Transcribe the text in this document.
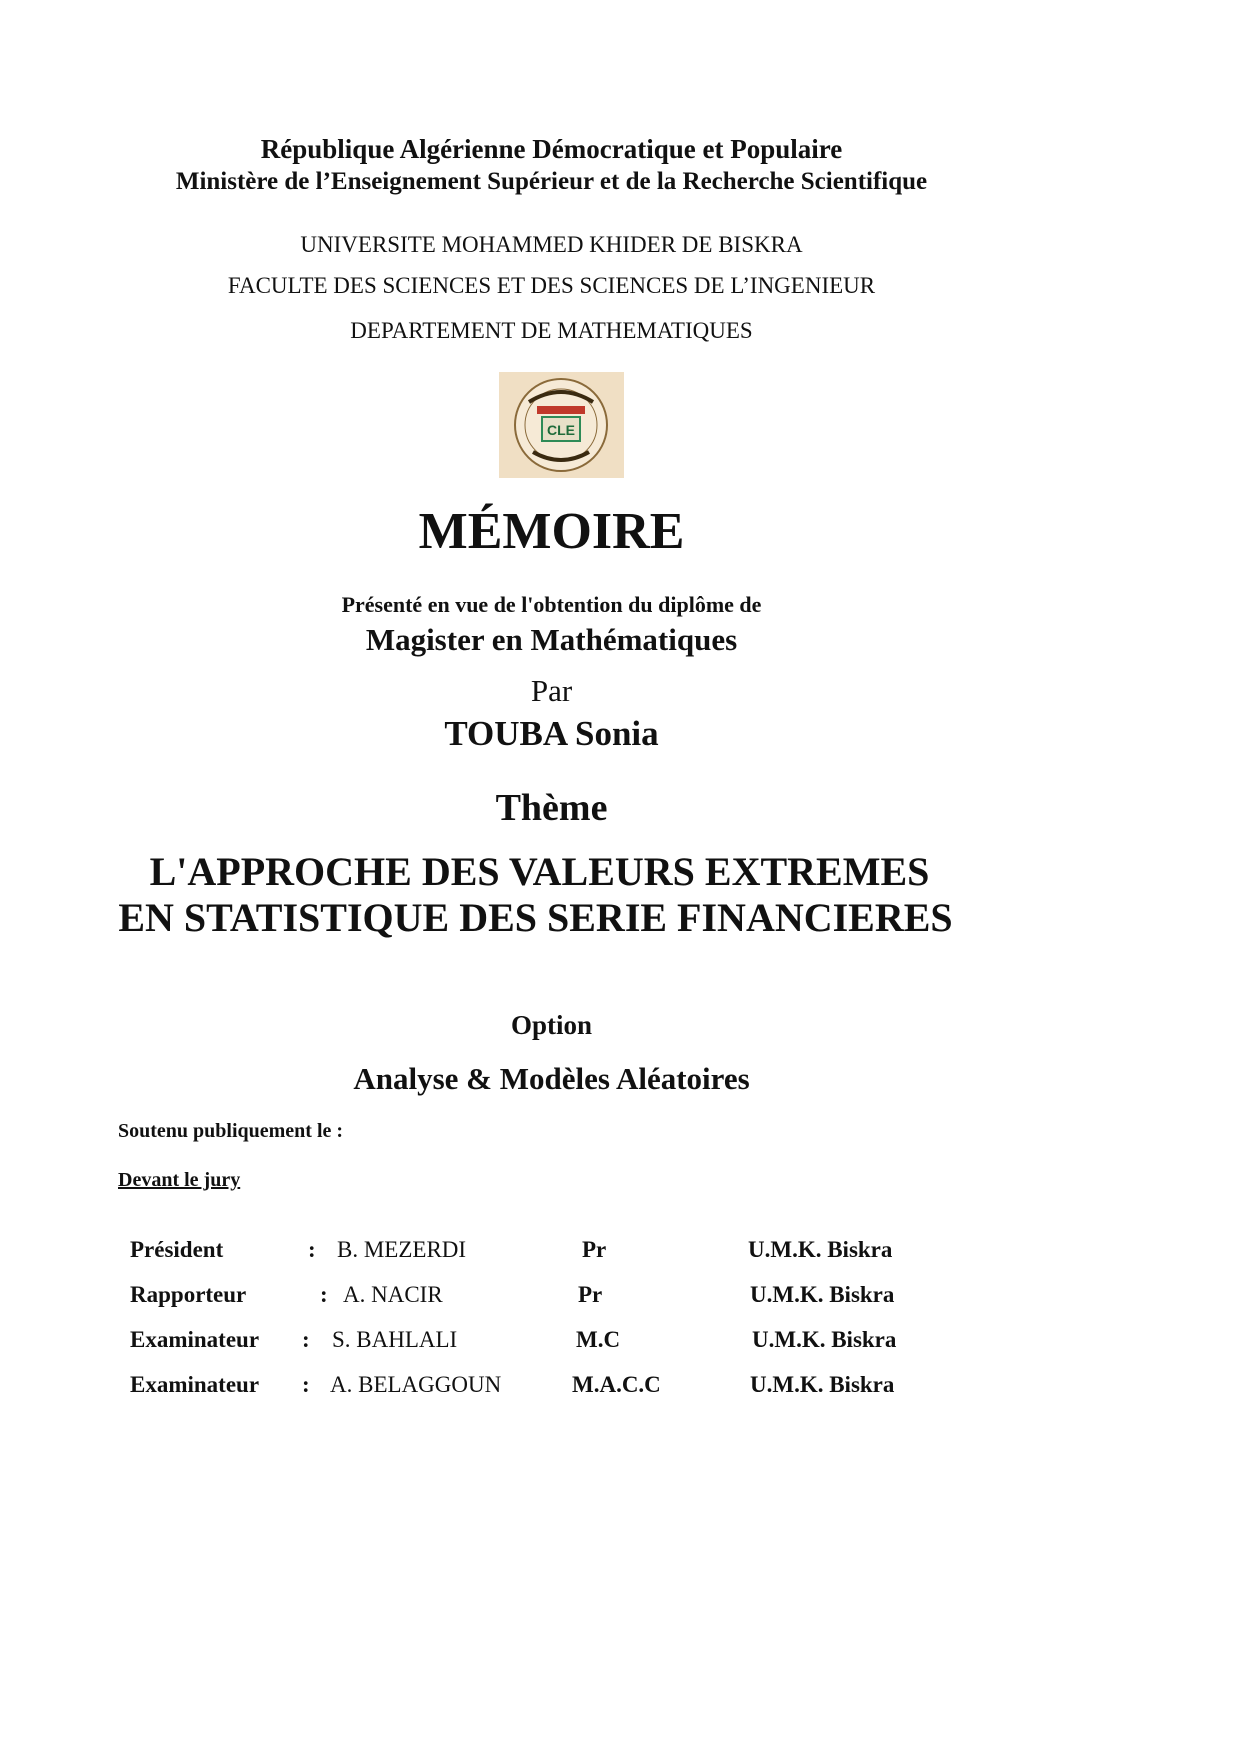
République Algérienne Démocratique et Populaire
Ministère de l’Enseignement Supérieur et de la Recherche Scientifique
UNIVERSITE MOHAMMED KHIDER DE BISKRA
FACULTE DES SCIENCES ET DES SCIENCES DE L’INGENIEUR
DEPARTEMENT DE MATHEMATIQUES
CLE
MÉMOIRE
Présenté en vue de l'obtention du diplôme de
Magister en Mathématiques
Par
TOUBA Sonia
Thème
L'APPROCHE DES VALEURS EXTREMES
EN STATISTIQUE DES SERIE FINANCIERES
Option
Analyse & Modèles Aléatoires
Soutenu publiquement le :
Devant le jury
Président	: B. MEZERDI	Pr	U.M.K. Biskra
Rapporteur	: A. NACIR	Pr	U.M.K. Biskra
Examinateur : S. BAHLALI	M.C	U.M.K. Biskra
Examinateur : A. BELAGGOUN	M.A.C.C	U.M.K. Biskra
